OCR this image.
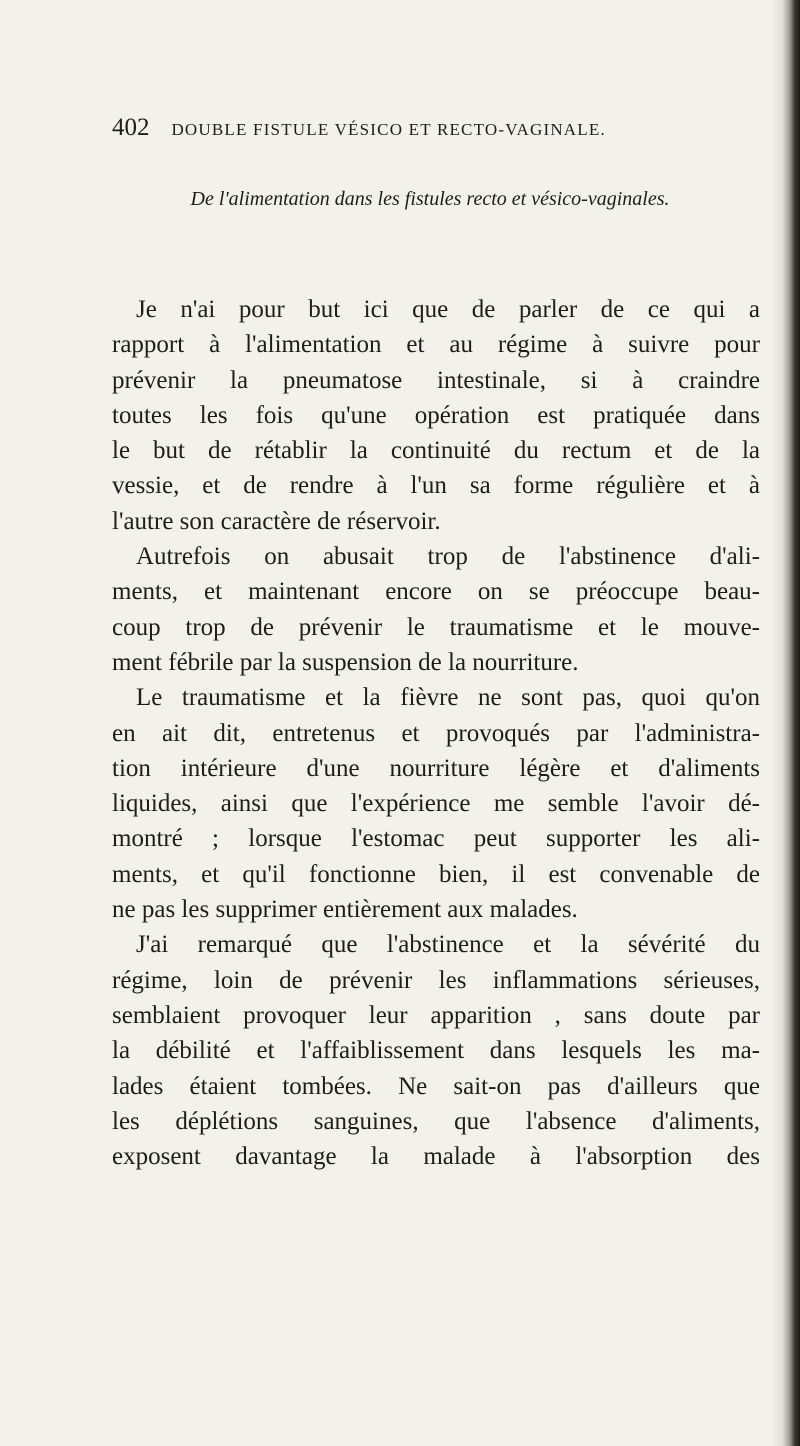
402 DOUBLE FISTULE VÉSICO ET RECTO-VAGINALE.
De l'alimentation dans les fistules recto et vésico-vaginales.
Je n'ai pour but ici que de parler de ce qui a
rapport à l'alimentation et au régime à suivre pour
prévenir la pneumatose intestinale, si à craindre
toutes les fois qu'une opération est pratiquée dans
le but de rétablir la continuité du rectum et de la
vessie, et de rendre à l'un sa forme régulière et à
l'autre son caractère de réservoir.
Autrefois on abusait trop de l'abstinence d'ali-
ments, et maintenant encore on se préoccupe beau-
coup trop de prévenir le traumatisme et le mouve-
ment fébrile par la suspension de la nourriture.
Le traumatisme et la fièvre ne sont pas, quoi qu'on
en ait dit, entretenus et provoqués par l'administra-
tion intérieure d'une nourriture légère et d'aliments
liquides, ainsi que l'expérience me semble l'avoir dé-
montré ; lorsque l'estomac peut supporter les ali-
ments, et qu'il fonctionne bien, il est convenable de
ne pas les supprimer entièrement aux malades.
J'ai remarqué que l'abstinence et la sévérité du
régime, loin de prévenir les inflammations sérieuses,
semblaient provoquer leur apparition , sans doute par
la débilité et l'affaiblissement dans lesquels les ma-
lades étaient tombées. Ne sait-on pas d'ailleurs que
les déplétions sanguines, que l'absence d'aliments,
exposent davantage la malade à l'absorption des
